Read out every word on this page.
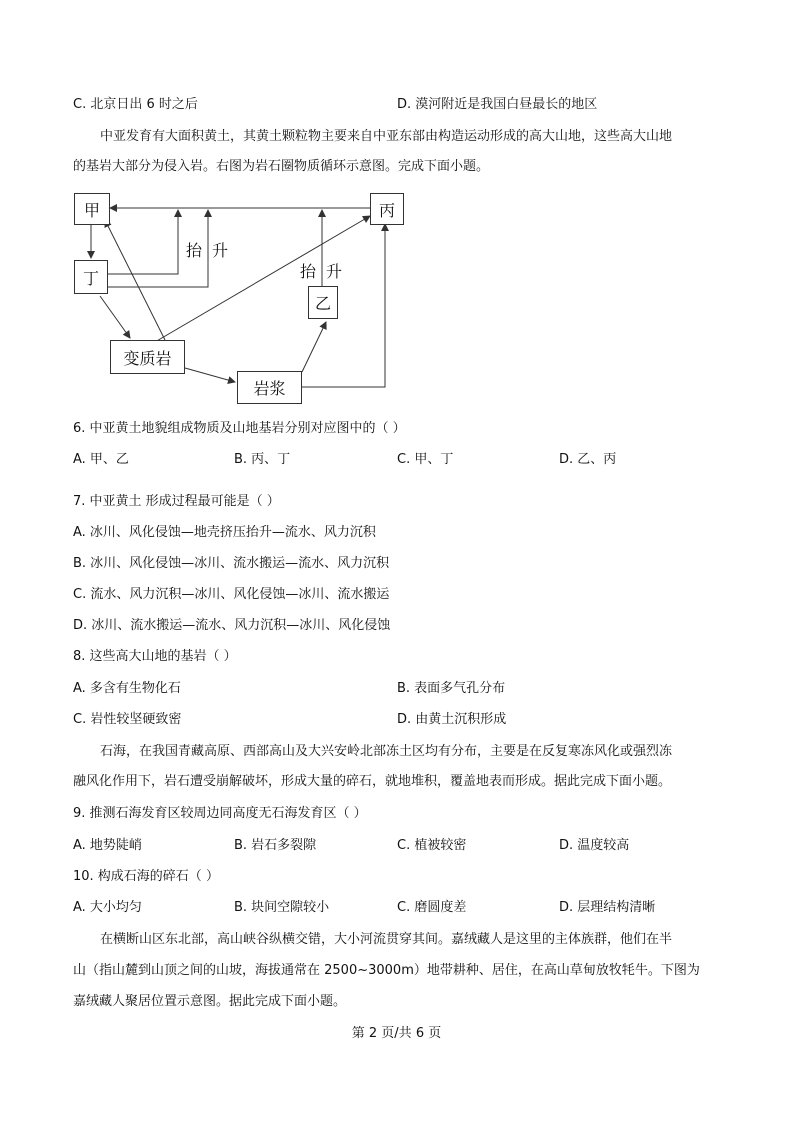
C. 北京日出 6 时之后	D. 漠河附近是我国白昼最长的地区
中亚发育有大面积黄土，其黄土颗粒物主要来自中亚东部由构造运动形成的高大山地，这些高大山地
的基岩大部分为侵入岩。右图为岩石圈物质循环示意图。完成下面小题。
甲	丙
丁
乙
变质岩
岩浆
抬升
抬升
6. 中亚黄土地貌组成物质及山地基岩分别对应图中的（ ）
A. 甲、乙	B. 丙、丁	C. 甲、丁	D. 乙、丙
7. 中亚黄土 形成过程最可能是（ ）
A. 冰川、风化侵蚀—地壳挤压抬升—流水、风力沉积
B. 冰川、风化侵蚀—冰川、流水搬运—流水、风力沉积
C. 流水、风力沉积—冰川、风化侵蚀—冰川、流水搬运
D. 冰川、流水搬运—流水、风力沉积—冰川、风化侵蚀
8. 这些高大山地的基岩（ ）
A. 多含有生物化石	B. 表面多气孔分布
C. 岩性较坚硬致密	D. 由黄土沉积形成
石海，在我国青藏高原、西部高山及大兴安岭北部冻土区均有分布，主要是在反复寒冻风化或强烈冻
融风化作用下，岩石遭受崩解破坏，形成大量的碎石，就地堆积，覆盖地表而形成。据此完成下面小题。
9. 推测石海发育区较周边同高度无石海发育区（ ）
A. 地势陡峭	B. 岩石多裂隙	C. 植被较密	D. 温度较高
10. 构成石海的碎石（ ）
A. 大小均匀	B. 块间空隙较小	C. 磨圆度差	D. 层理结构清晰
在横断山区东北部，高山峡谷纵横交错，大小河流贯穿其间。嘉绒藏人是这里的主体族群，他们在半
山（指山麓到山顶之间的山坡，海拔通常在 2500~3000m）地带耕种、居住，在高山草甸放牧牦牛。下图为
嘉绒藏人聚居位置示意图。据此完成下面小题。
第 2 页/共 6 页
